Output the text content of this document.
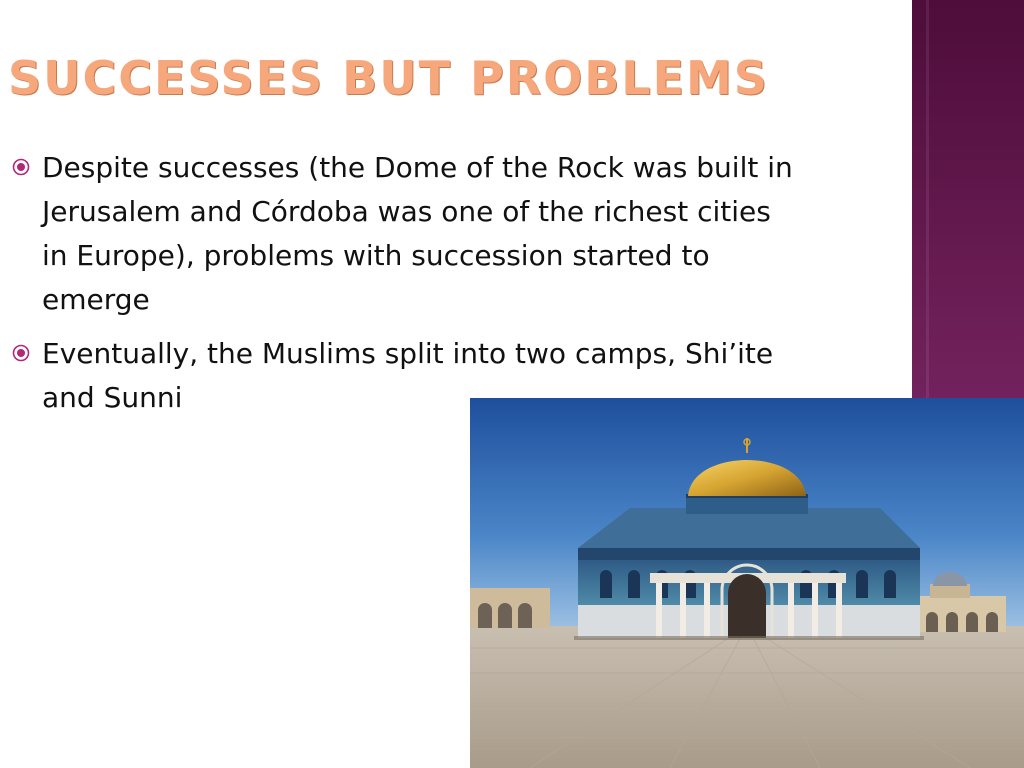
SUCCESSES BUT PROBLEMS
Despite successes (the Dome of the Rock was built in Jerusalem and Córdoba was one of the richest cities in Europe), problems with succession started to emerge
Eventually, the Muslims split into two camps, Shi’ite and Sunni
